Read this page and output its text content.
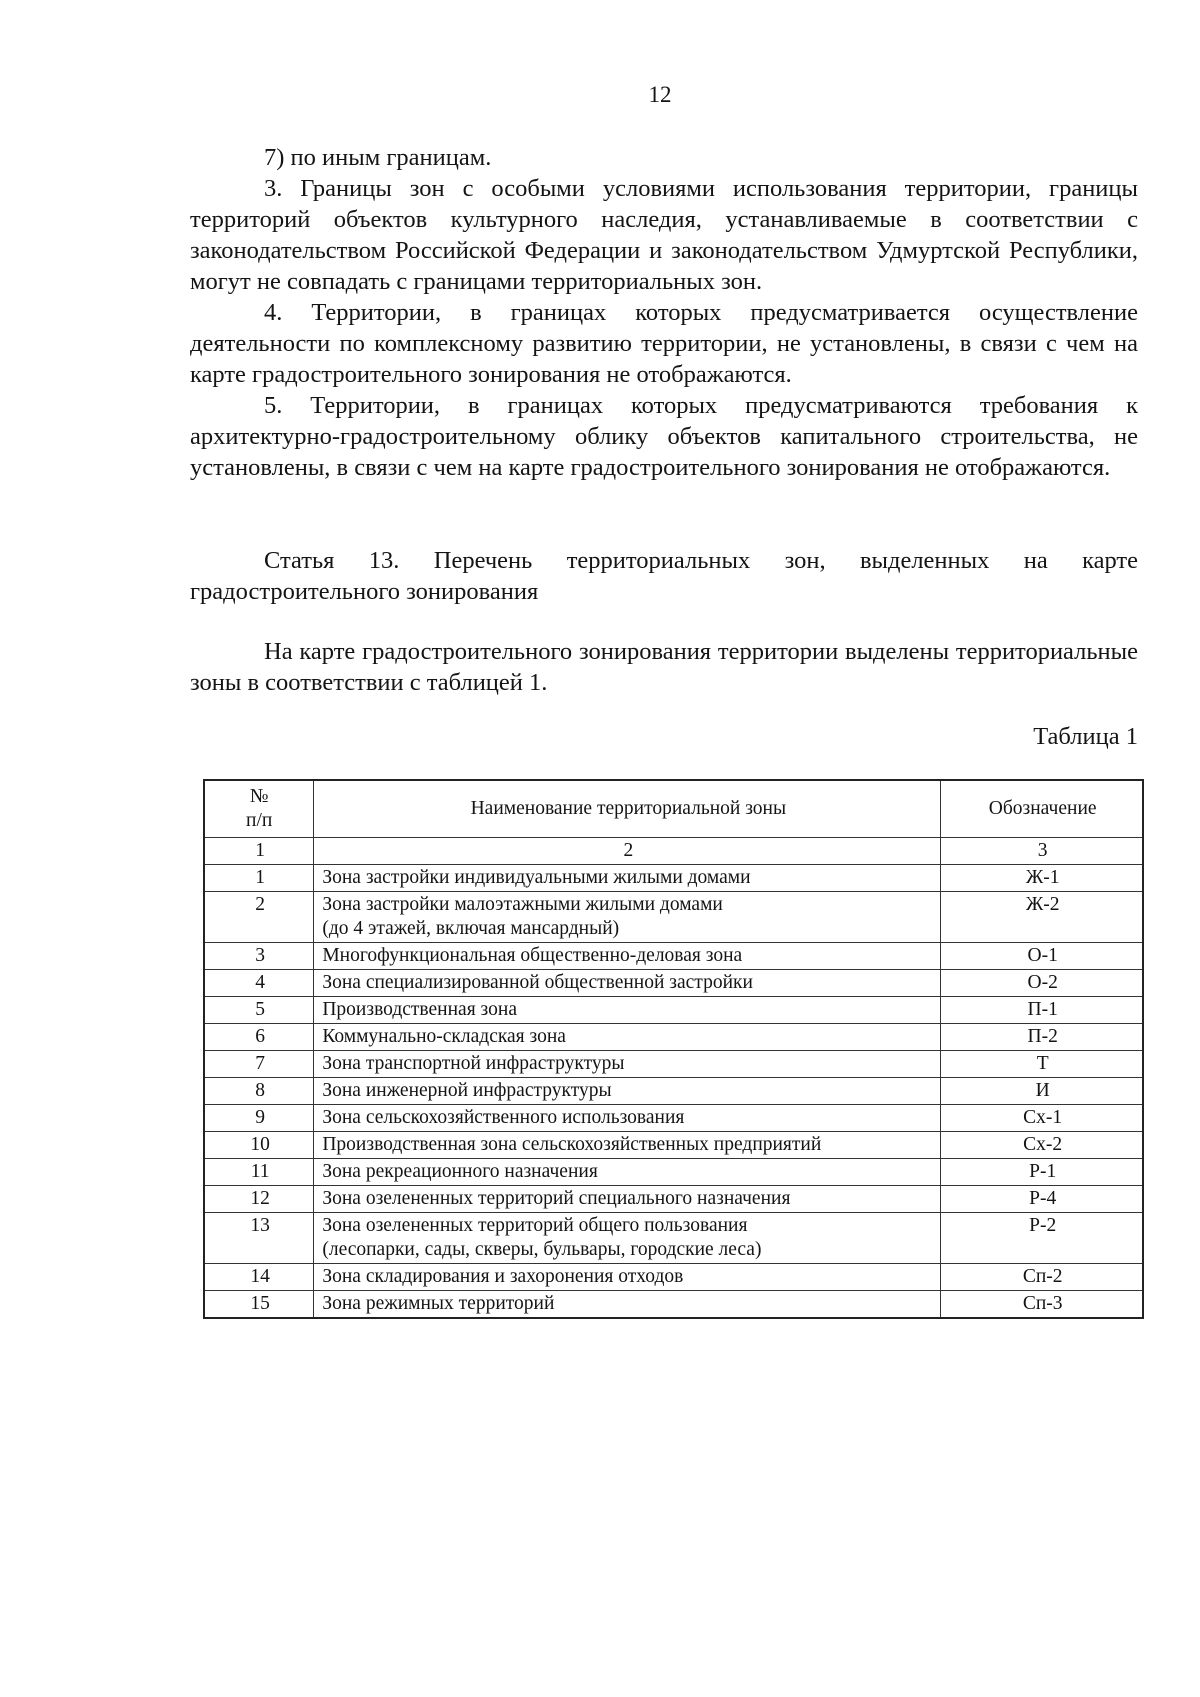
12

7) по иным границам.

3. Границы зон с особыми условиями использования территории, границы территорий объектов культурного наследия, устанавливаемые в соответствии с законодательством Российской Федерации и законодательством Удмуртской Республики, могут не совпадать с границами территориальных зон.

4. Территории, в границах которых предусматривается осуществление деятельности по комплексному развитию территории, не установлены, в связи с чем на карте градостроительного зонирования не отображаются.

5. Территории, в границах которых предусматриваются требования к архитектурно-градостроительному облику объектов капитального строительства, не установлены, в связи с чем на карте градостроительного зонирования не отображаются.

Статья 13. Перечень территориальных зон, выделенных на карте градостроительного зонирования

На карте градостроительного зонирования территории выделены территориальные зоны в соответствии с таблицей 1.

Таблица 1
№
п/п	Наименование территориальной зоны	Обозначение
1	2	3
1	Зона застройки индивидуальными жилыми домами	Ж-1
2	Зона застройки малоэтажными жилыми домами
(до 4 этажей, включая мансардный)	Ж-2
3	Многофункциональная общественно-деловая зона	О-1
4	Зона специализированной общественной застройки	О-2
5	Производственная зона	П-1
6	Коммунально-складская зона	П-2
7	Зона транспортной инфраструктуры	Т
8	Зона инженерной инфраструктуры	И
9	Зона сельскохозяйственного использования	Сх-1
10	Производственная зона сельскохозяйственных предприятий	Сх-2
11	Зона рекреационного назначения	Р-1
12	Зона озелененных территорий специального назначения	Р-4
13	Зона озелененных территорий общего пользования
(лесопарки, сады, скверы, бульвары, городские леса)	Р-2
14	Зона складирования и захоронения отходов	Сп-2
15	Зона режимных территорий	Сп-3
